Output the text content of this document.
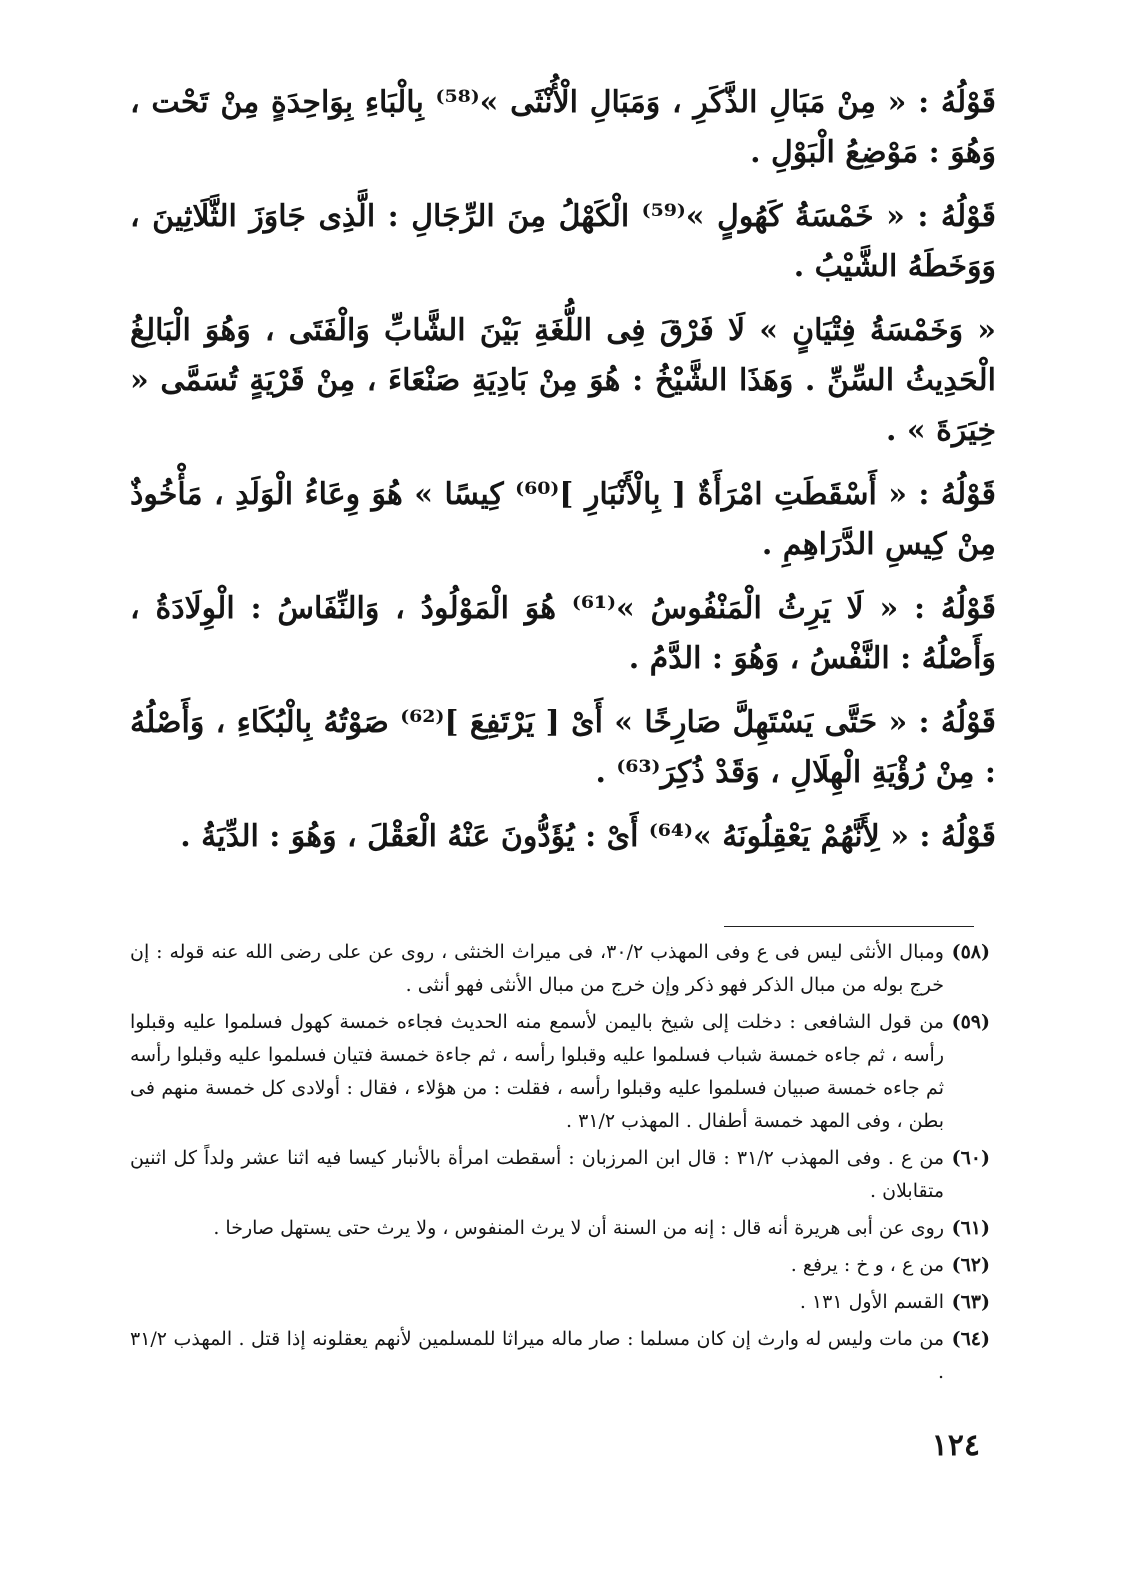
قَوْلُهُ : « مِنْ مَبَالِ الذَّكَرِ ، وَمَبَالِ الْأُنْثَى »⁽⁵⁸⁾ بِالْبَاءِ بِوَاحِدَةٍ مِنْ تَحْت ، وَهُوَ : مَوْضِعُ الْبَوْلِ .

قَوْلُهُ : « خَمْسَةُ كَهُولٍ »⁽⁵⁹⁾ الْكَهْلُ مِنَ الرِّجَالِ : الَّذِى جَاوَزَ الثَّلَاثِينَ ، وَوَخَطَهُ الشَّيْبُ .

« وَخَمْسَةُ فِتْيَانٍ » لَا فَرْقَ فِى اللُّغَةِ بَيْنَ الشَّابِّ وَالْفَتَى ، وَهُوَ الْبَالِغُ الْحَدِيثُ السِّنِّ . وَهَذَا الشَّيْخُ : هُوَ مِنْ بَادِيَةِ صَنْعَاءَ ، مِنْ قَرْيَةٍ تُسَمَّى « خِيَرَةَ » .

قَوْلُهُ : « أَسْقَطَتِ امْرَأَةٌ [ بِالْأَنْبَارِ ]⁽⁶⁰⁾ كِيسًا » هُوَ وِعَاءُ الْوَلَدِ ، مَأْخُوذٌ مِنْ كِيسِ الدَّرَاهِمِ .

قَوْلُهُ : « لَا يَرِثُ الْمَنْفُوسُ »⁽⁶¹⁾ هُوَ الْمَوْلُودُ ، وَالنِّفَاسُ : الْوِلَادَةُ ، وَأَصْلُهُ : النَّفْسُ ، وَهُوَ : الدَّمُ .

قَوْلُهُ : « حَتَّى يَسْتَهِلَّ صَارِخًا » أَىْ [ يَرْتَفِعَ ]⁽⁶²⁾ صَوْتُهُ بِالْبُكَاءِ ، وَأَصْلُهُ : مِنْ رُؤْيَةِ الْهِلَالِ ، وَقَدْ ذُكِرَ⁽⁶³⁾ .

قَوْلُهُ : « لِأَنَّهُمْ يَعْقِلُونَهُ »⁽⁶⁴⁾ أَىْ : يُؤَدُّونَ عَنْهُ الْعَقْلَ ، وَهُوَ : الدِّيَةُ .

(٥٨)
ومبال الأنثى ليس فى ع وفى المهذب ٣٠/٢، فى ميراث الخنثى ، روى عن على رضى الله عنه قوله : إن خرج بوله من مبال الذكر فهو ذكر وإن خرج من مبال الأنثى فهو أنثى .
(٥٩)
من قول الشافعى : دخلت إلى شيخ باليمن لأسمع منه الحديث فجاءه خمسة كهول فسلموا عليه وقبلوا رأسه ، ثم جاءه خمسة شباب فسلموا عليه وقبلوا رأسه ، ثم جاءة خمسة فتيان فسلموا عليه وقبلوا رأسه ثم جاءه خمسة صبيان فسلموا عليه وقبلوا رأسه ، فقلت : من هؤلاء ، فقال : أولادى كل خمسة منهم فى بطن ، وفى المهد خمسة أطفال . المهذب ٣١/٢ .
(٦٠)
من ع . وفى المهذب ٣١/٢ : قال ابن المرزبان : أسقطت امرأة بالأنبار كيسا فيه اثنا عشر ولداً كل اثنين متقابلان .
(٦١)
روى عن أبى هريرة أنه قال : إنه من السنة أن لا يرث المنفوس ، ولا يرث حتى يستهل صارخا .
(٦٢)
من ع ، و خ : يرفع .
(٦٣)
القسم الأول ١٣١ .
(٦٤)
من مات وليس له وارث إن كان مسلما : صار ماله ميراثا للمسلمين لأنهم يعقلونه إذا قتل . المهذب ٣١/٢ .
١٢٤
